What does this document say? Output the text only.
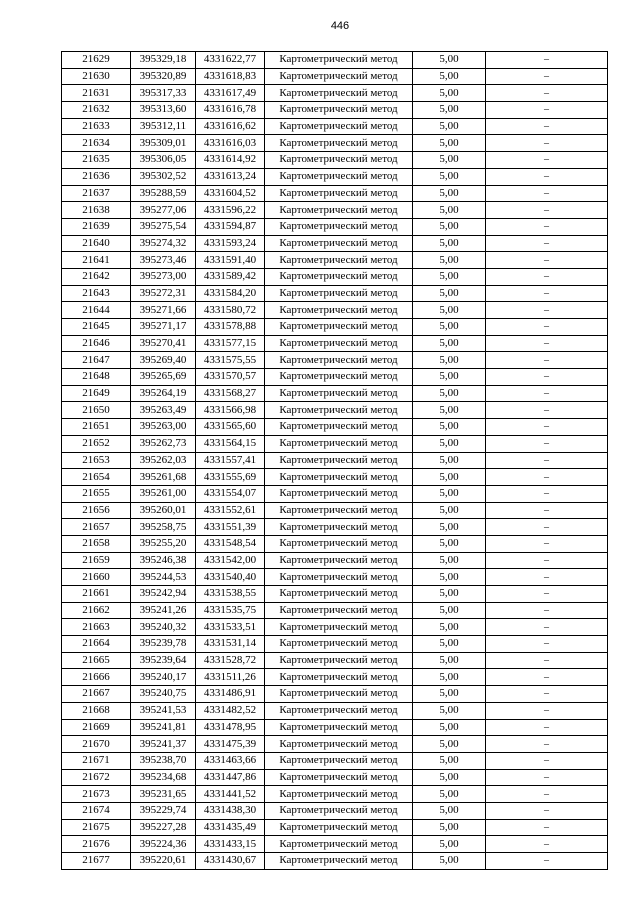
446
21629	395329,18	4331622,77	Картометрический метод	5,00	–
21630	395320,89	4331618,83	Картометрический метод	5,00	–
21631	395317,33	4331617,49	Картометрический метод	5,00	–
21632	395313,60	4331616,78	Картометрический метод	5,00	–
21633	395312,11	4331616,62	Картометрический метод	5,00	–
21634	395309,01	4331616,03	Картометрический метод	5,00	–
21635	395306,05	4331614,92	Картометрический метод	5,00	–
21636	395302,52	4331613,24	Картометрический метод	5,00	–
21637	395288,59	4331604,52	Картометрический метод	5,00	–
21638	395277,06	4331596,22	Картометрический метод	5,00	–
21639	395275,54	4331594,87	Картометрический метод	5,00	–
21640	395274,32	4331593,24	Картометрический метод	5,00	–
21641	395273,46	4331591,40	Картометрический метод	5,00	–
21642	395273,00	4331589,42	Картометрический метод	5,00	–
21643	395272,31	4331584,20	Картометрический метод	5,00	–
21644	395271,66	4331580,72	Картометрический метод	5,00	–
21645	395271,17	4331578,88	Картометрический метод	5,00	–
21646	395270,41	4331577,15	Картометрический метод	5,00	–
21647	395269,40	4331575,55	Картометрический метод	5,00	–
21648	395265,69	4331570,57	Картометрический метод	5,00	–
21649	395264,19	4331568,27	Картометрический метод	5,00	–
21650	395263,49	4331566,98	Картометрический метод	5,00	–
21651	395263,00	4331565,60	Картометрический метод	5,00	–
21652	395262,73	4331564,15	Картометрический метод	5,00	–
21653	395262,03	4331557,41	Картометрический метод	5,00	–
21654	395261,68	4331555,69	Картометрический метод	5,00	–
21655	395261,00	4331554,07	Картометрический метод	5,00	–
21656	395260,01	4331552,61	Картометрический метод	5,00	–
21657	395258,75	4331551,39	Картометрический метод	5,00	–
21658	395255,20	4331548,54	Картометрический метод	5,00	–
21659	395246,38	4331542,00	Картометрический метод	5,00	–
21660	395244,53	4331540,40	Картометрический метод	5,00	–
21661	395242,94	4331538,55	Картометрический метод	5,00	–
21662	395241,26	4331535,75	Картометрический метод	5,00	–
21663	395240,32	4331533,51	Картометрический метод	5,00	–
21664	395239,78	4331531,14	Картометрический метод	5,00	–
21665	395239,64	4331528,72	Картометрический метод	5,00	–
21666	395240,17	4331511,26	Картометрический метод	5,00	–
21667	395240,75	4331486,91	Картометрический метод	5,00	–
21668	395241,53	4331482,52	Картометрический метод	5,00	–
21669	395241,81	4331478,95	Картометрический метод	5,00	–
21670	395241,37	4331475,39	Картометрический метод	5,00	–
21671	395238,70	4331463,66	Картометрический метод	5,00	–
21672	395234,68	4331447,86	Картометрический метод	5,00	–
21673	395231,65	4331441,52	Картометрический метод	5,00	–
21674	395229,74	4331438,30	Картометрический метод	5,00	–
21675	395227,28	4331435,49	Картометрический метод	5,00	–
21676	395224,36	4331433,15	Картометрический метод	5,00	–
21677	395220,61	4331430,67	Картометрический метод	5,00	–
